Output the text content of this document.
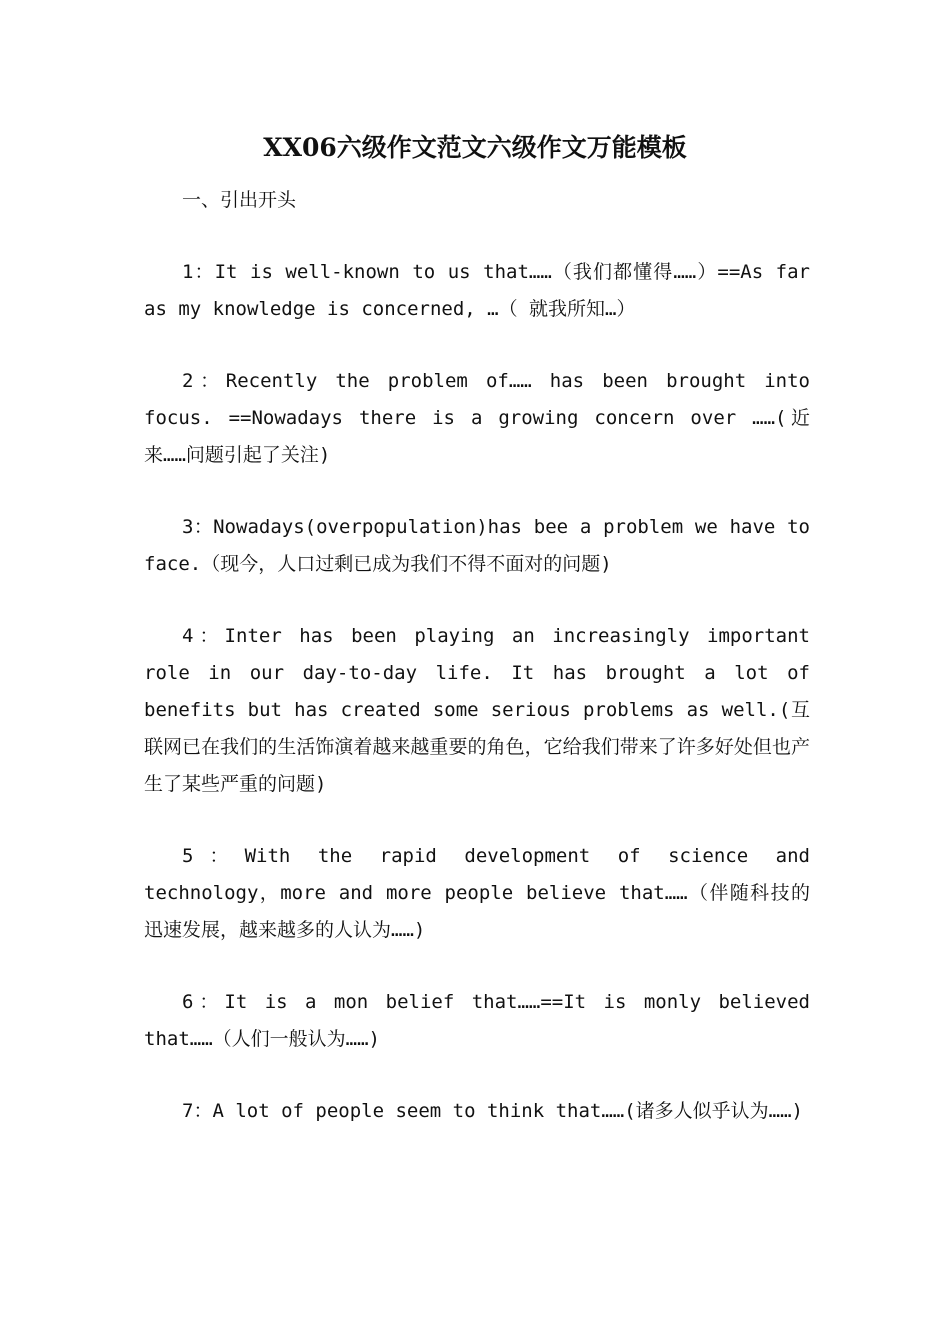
XX06六级作文范文六级作文万能模板

一、引出开头

1：It is well-known to us that……（我们都懂得……）==As far as my knowledge is concerned, …（ 就我所知…）

2：Recently the problem of…… has been brought into focus. ==Nowadays there is a growing concern over ……(近来……问题引起了关注)

3：Nowadays(overpopulation)has bee a problem we have to face.（现今，人口过剩已成为我们不得不面对的问题)

4：Inter has been playing an increasingly important role in our day-to-day life. It has brought a lot of benefits but has created some serious problems as well.(互联网已在我们的生活饰演着越来越重要的角色，它给我们带来了许多好处但也产生了某些严重的问题)

5：With the rapid development of science and technology，more and more people believe that……（伴随科技的迅速发展，越来越多的人认为……)

6：It is a mon belief that……==It is monly believed that……（人们一般认为……)

7：A lot of people seem to think that……(诸多人似乎认为……)
